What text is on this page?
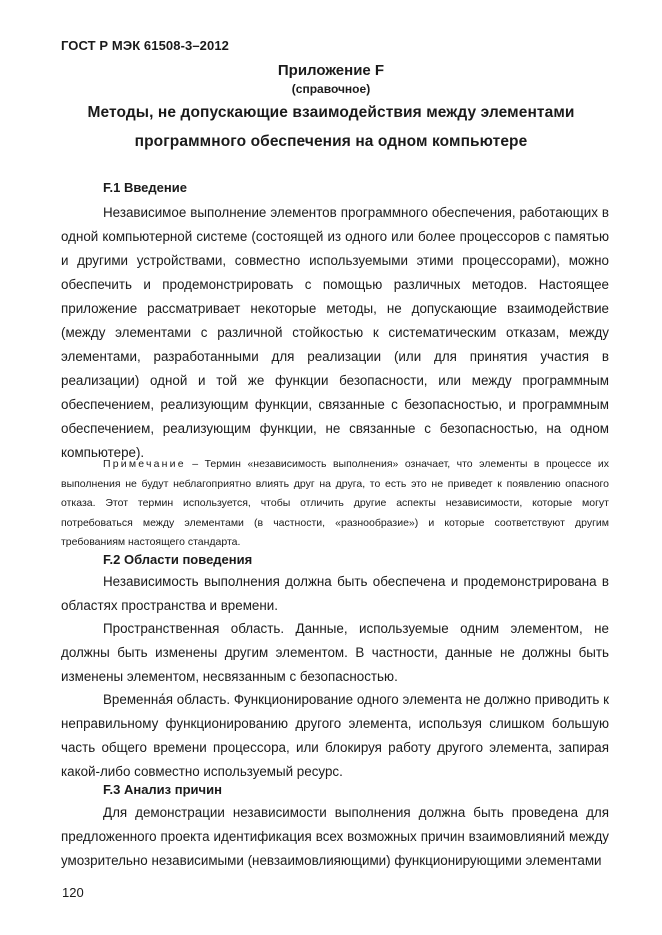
ГОСТ Р МЭК 61508-3–2012
Приложение F
(справочное)
Методы, не допускающие взаимодействия между элементами
программного обеспечения на одном компьютере
F.1 Введение

Независимое выполнение элементов программного обеспечения, работающих в одной компьютерной системе (состоящей из одного или более процессоров с памятью и другими устройствами, совместно используемыми этими процессорами), можно обеспечить и продемонстрировать с помощью различных методов. Настоящее приложение рассматривает некоторые методы, не допускающие взаимодействие (между элементами с различной стойкостью к систематическим отказам, между элементами, разработанными для реализации (или для принятия участия в реализации) одной и той же функции безопасности, или между программным обеспечением, реализующим функции, связанные с безопасностью, и программным обеспечением, реализующим функции, не связанные с безопасностью, на одном компьютере).

Примечание – Термин «независимость выполнения» означает, что элементы в процессе их выполнения не будут неблагоприятно влиять друг на друга, то есть это не приведет к появлению опасного отказа. Этот термин используется, чтобы отличить другие аспекты независимости, которые могут потребоваться между элементами (в частности, «разнообразие») и которые соответствуют другим требованиям настоящего стандарта.

F.2 Области поведения

Независимость выполнения должна быть обеспечена и продемонстрирована в областях пространства и времени.

Пространственная область. Данные, используемые одним элементом, не должны быть изменены другим элементом. В частности, данные не должны быть изменены элементом, несвязанным с безопасностью.

Временна́я область. Функционирование одного элемента не должно приводить к неправильному функционированию другого элемента, используя слишком большую часть общего времени процессора, или блокируя работу другого элемента, запирая какой-либо совместно используемый ресурс.

F.3 Анализ причин

Для демонстрации независимости выполнения должна быть проведена для предложенного проекта идентификация всех возможных причин взаимовлияний между умозрительно независимыми (невзаимовлияющими) функционирующими элементами

120
